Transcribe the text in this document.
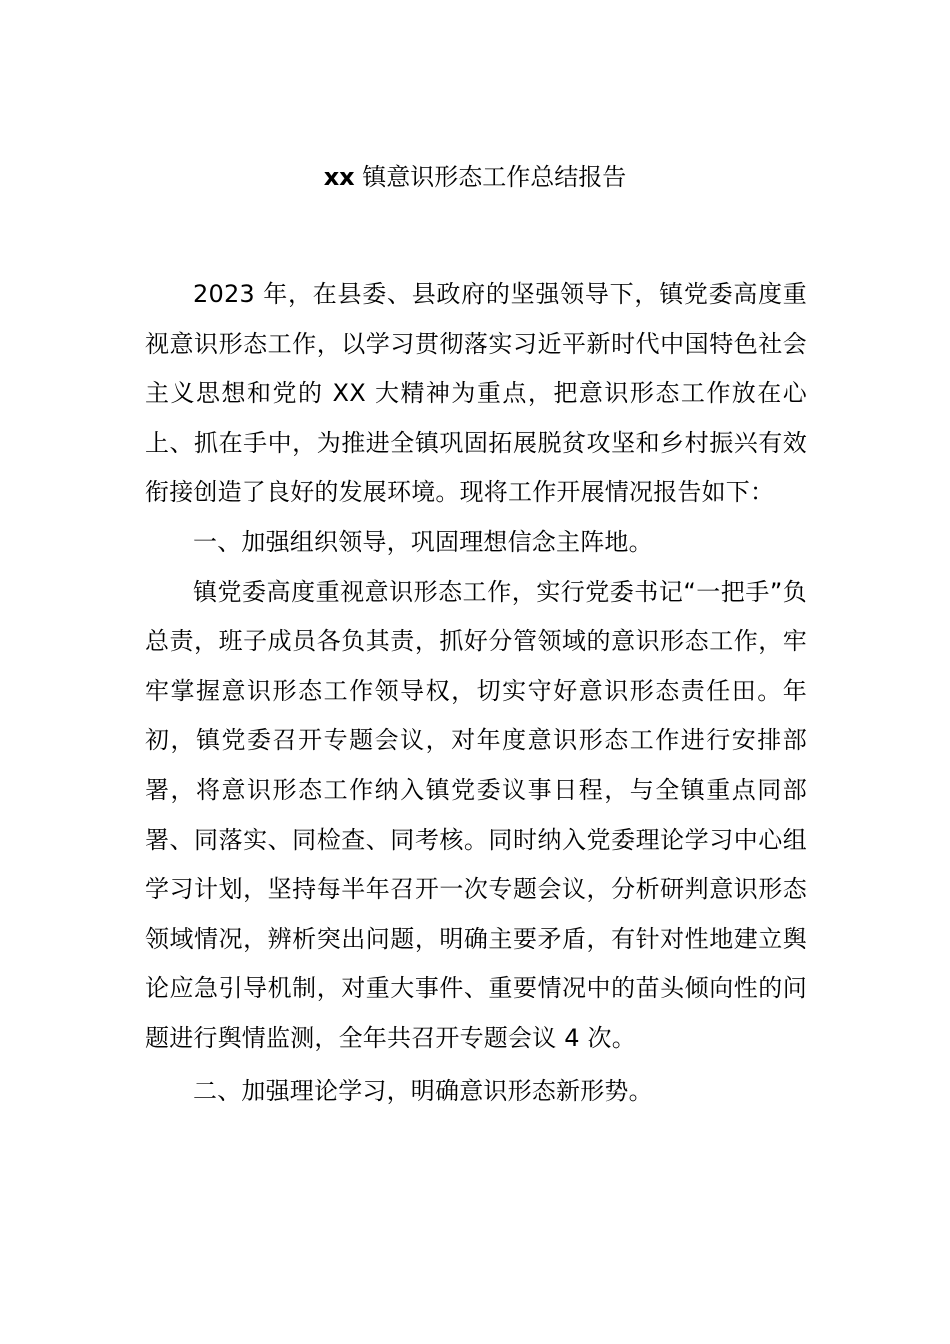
xx 镇意识形态工作总结报告

2023 年，在县委、县政府的坚强领导下，镇党委高度重视意识形态工作，以学习贯彻落实习近平新时代中国特色社会主义思想和党的 XX 大精神为重点，把意识形态工作放在心上、抓在手中，为推进全镇巩固拓展脱贫攻坚和乡村振兴有效衔接创造了良好的发展环境。现将工作开展情况报告如下：

一、加强组织领导，巩固理想信念主阵地。

镇党委高度重视意识形态工作，实行党委书记“一把手”负总责，班子成员各负其责，抓好分管领域的意识形态工作，牢牢掌握意识形态工作领导权，切实守好意识形态责任田。年初，镇党委召开专题会议，对年度意识形态工作进行安排部署，将意识形态工作纳入镇党委议事日程，与全镇重点同部署、同落实、同检查、同考核。同时纳入党委理论学习中心组学习计划，坚持每半年召开一次专题会议，分析研判意识形态领域情况，辨析突出问题，明确主要矛盾，有针对性地建立舆论应急引导机制，对重大事件、重要情况中的苗头倾向性的问题进行舆情监测，全年共召开专题会议 4 次。

二、加强理论学习，明确意识形态新形势。
